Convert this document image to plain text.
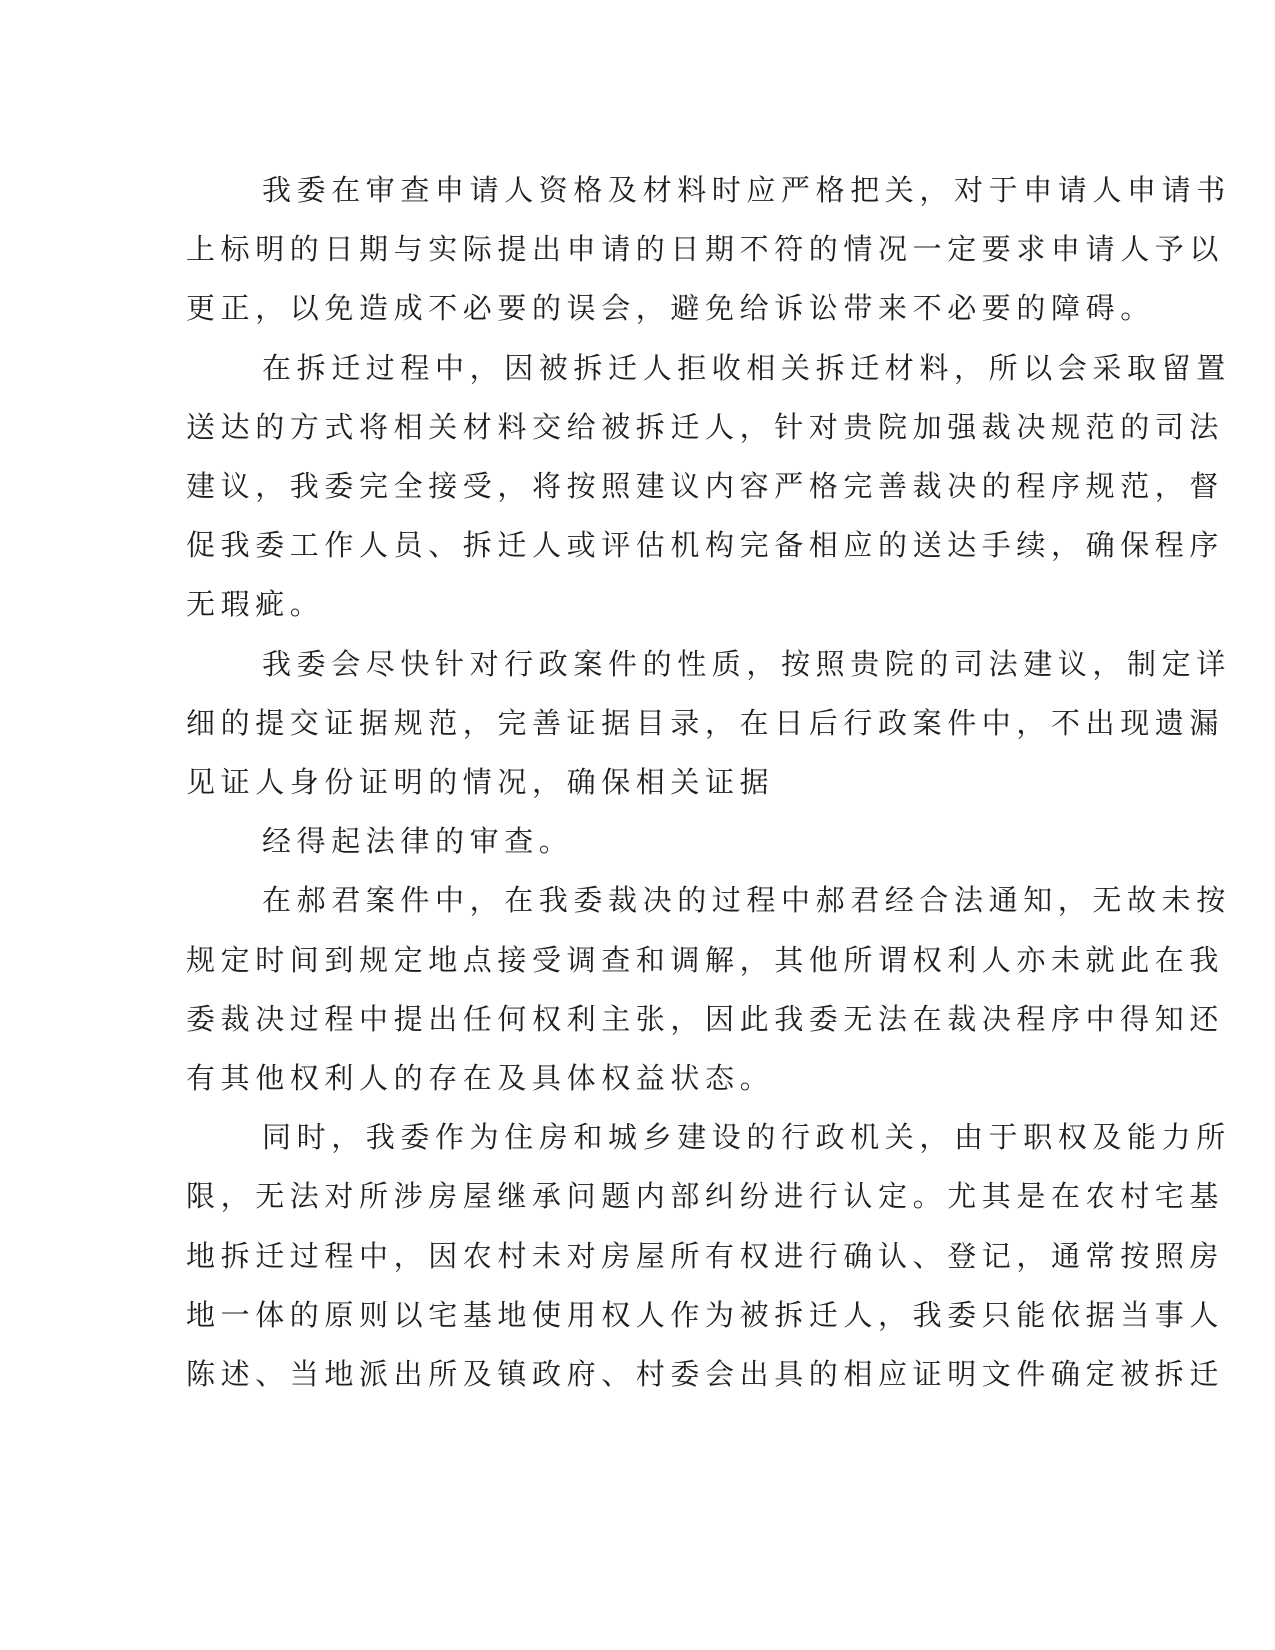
我委在审查申请人资格及材料时应严格把关，对于申请人申请书
上标明的日期与实际提出申请的日期不符的情况一定要求申请人予以
更正，以免造成不必要的误会，避免给诉讼带来不必要的障碍。
在拆迁过程中，因被拆迁人拒收相关拆迁材料，所以会采取留置
送达的方式将相关材料交给被拆迁人，针对贵院加强裁决规范的司法
建议，我委完全接受，将按照建议内容严格完善裁决的程序规范，督
促我委工作人员、拆迁人或评估机构完备相应的送达手续，确保程序
无瑕疵。
我委会尽快针对行政案件的性质，按照贵院的司法建议，制定详
细的提交证据规范，完善证据目录，在日后行政案件中，不出现遗漏
见证人身份证明的情况，确保相关证据
经得起法律的审查。
在郝君案件中，在我委裁决的过程中郝君经合法通知，无故未按
规定时间到规定地点接受调查和调解，其他所谓权利人亦未就此在我
委裁决过程中提出任何权利主张，因此我委无法在裁决程序中得知还
有其他权利人的存在及具体权益状态。
同时，我委作为住房和城乡建设的行政机关，由于职权及能力所
限，无法对所涉房屋继承问题内部纠纷进行认定。尤其是在农村宅基
地拆迁过程中，因农村未对房屋所有权进行确认、登记，通常按照房
地一体的原则以宅基地使用权人作为被拆迁人，我委只能依据当事人
陈述、当地派出所及镇政府、村委会出具的相应证明文件确定被拆迁
